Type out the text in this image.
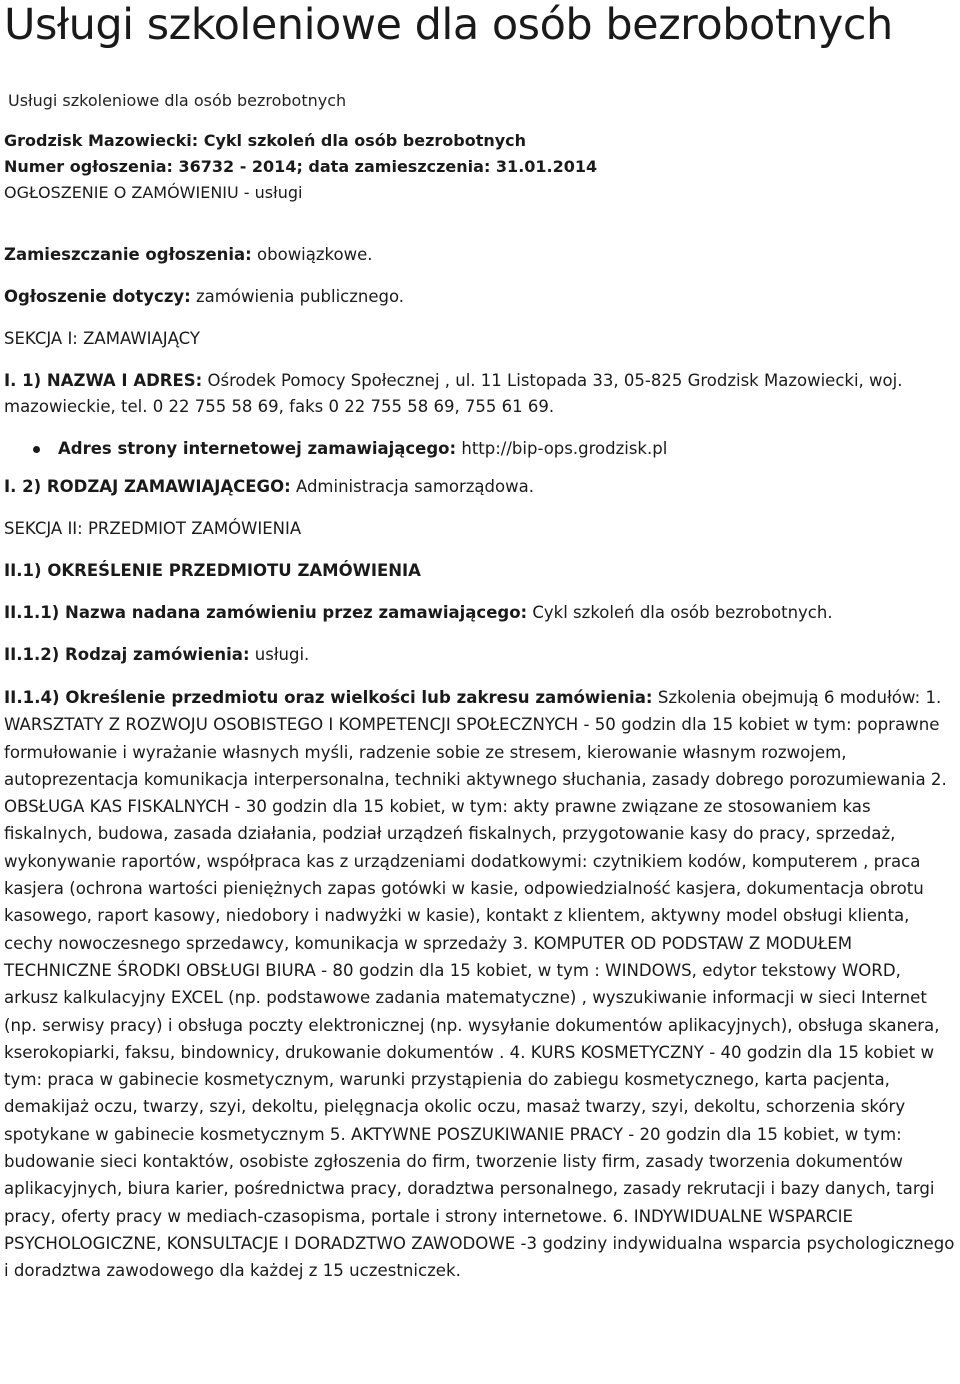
Usługi szkoleniowe dla osób bezrobotnych

Usługi szkoleniowe dla osób bezrobotnych

Grodzisk Mazowiecki: Cykl szkoleń dla osób bezrobotnych

Numer ogłoszenia: 36732 - 2014; data zamieszczenia: 31.01.2014

OGŁOSZENIE O ZAMÓWIENIU - usługi

Zamieszczanie ogłoszenia: obowiązkowe.

Ogłoszenie dotyczy: zamówienia publicznego.

SEKCJA I: ZAMAWIAJĄCY

I. 1) NAZWA I ADRES: Ośrodek Pomocy Społecznej , ul. 11 Listopada 33, 05-825 Grodzisk Mazowiecki, woj. mazowieckie, tel. 0 22 755 58 69, faks 0 22 755 58 69, 755 61 69.

Adres strony internetowej zamawiającego: http://bip-ops.grodzisk.pl

I. 2) RODZAJ ZAMAWIAJĄCEGO: Administracja samorządowa.

SEKCJA II: PRZEDMIOT ZAMÓWIENIA

II.1) OKREŚLENIE PRZEDMIOTU ZAMÓWIENIA

II.1.1) Nazwa nadana zamówieniu przez zamawiającego: Cykl szkoleń dla osób bezrobotnych.

II.1.2) Rodzaj zamówienia: usługi.

II.1.4) Określenie przedmiotu oraz wielkości lub zakresu zamówienia: Szkolenia obejmują 6 modułów: 1. WARSZTATY Z ROZWOJU OSOBISTEGO I KOMPETENCJI SPOŁECZNYCH - 50 godzin dla 15 kobiet w tym: poprawne formułowanie i wyrażanie własnych myśli, radzenie sobie ze stresem, kierowanie własnym rozwojem, autoprezentacja komunikacja interpersonalna, techniki aktywnego słuchania, zasady dobrego porozumiewania 2. OBSŁUGA KAS FISKALNYCH - 30 godzin dla 15 kobiet, w tym: akty prawne związane ze stosowaniem kas fiskalnych, budowa, zasada działania, podział urządzeń fiskalnych, przygotowanie kasy do pracy, sprzedaż, wykonywanie raportów, współpraca kas z urządzeniami dodatkowymi: czytnikiem kodów, komputerem , praca kasjera (ochrona wartości pieniężnych zapas gotówki w kasie, odpowiedzialność kasjera, dokumentacja obrotu kasowego, raport kasowy, niedobory i nadwyżki w kasie), kontakt z klientem, aktywny model obsługi klienta, cechy nowoczesnego sprzedawcy, komunikacja w sprzedaży 3. KOMPUTER OD PODSTAW Z MODUŁEM TECHNICZNE ŚRODKI OBSŁUGI BIURA - 80 godzin dla 15 kobiet, w tym : WINDOWS, edytor tekstowy WORD, arkusz kalkulacyjny EXCEL (np. podstawowe zadania matematyczne) , wyszukiwanie informacji w sieci Internet (np. serwisy pracy) i obsługa poczty elektronicznej (np. wysyłanie dokumentów aplikacyjnych), obsługa skanera, kserokopiarki, faksu, bindownicy, drukowanie dokumentów . 4. KURS KOSMETYCZNY - 40 godzin dla 15 kobiet w tym: praca w gabinecie kosmetycznym, warunki przystąpienia do zabiegu kosmetycznego, karta pacjenta, demakijaż oczu, twarzy, szyi, dekoltu, pielęgnacja okolic oczu, masaż twarzy, szyi, dekoltu, schorzenia skóry spotykane w gabinecie kosmetycznym 5. AKTYWNE POSZUKIWANIE PRACY - 20 godzin dla 15 kobiet, w tym: budowanie sieci kontaktów, osobiste zgłoszenia do firm, tworzenie listy firm, zasady tworzenia dokumentów aplikacyjnych, biura karier, pośrednictwa pracy, doradztwa personalnego, zasady rekrutacji i bazy danych, targi pracy, oferty pracy w mediach-czasopisma, portale i strony internetowe. 6. INDYWIDUALNE WSPARCIE PSYCHOLOGICZNE, KONSULTACJE I DORADZTWO ZAWODOWE -3 godziny indywidualna wsparcia psychologicznego i doradztwa zawodowego dla każdej z 15 uczestniczek.
